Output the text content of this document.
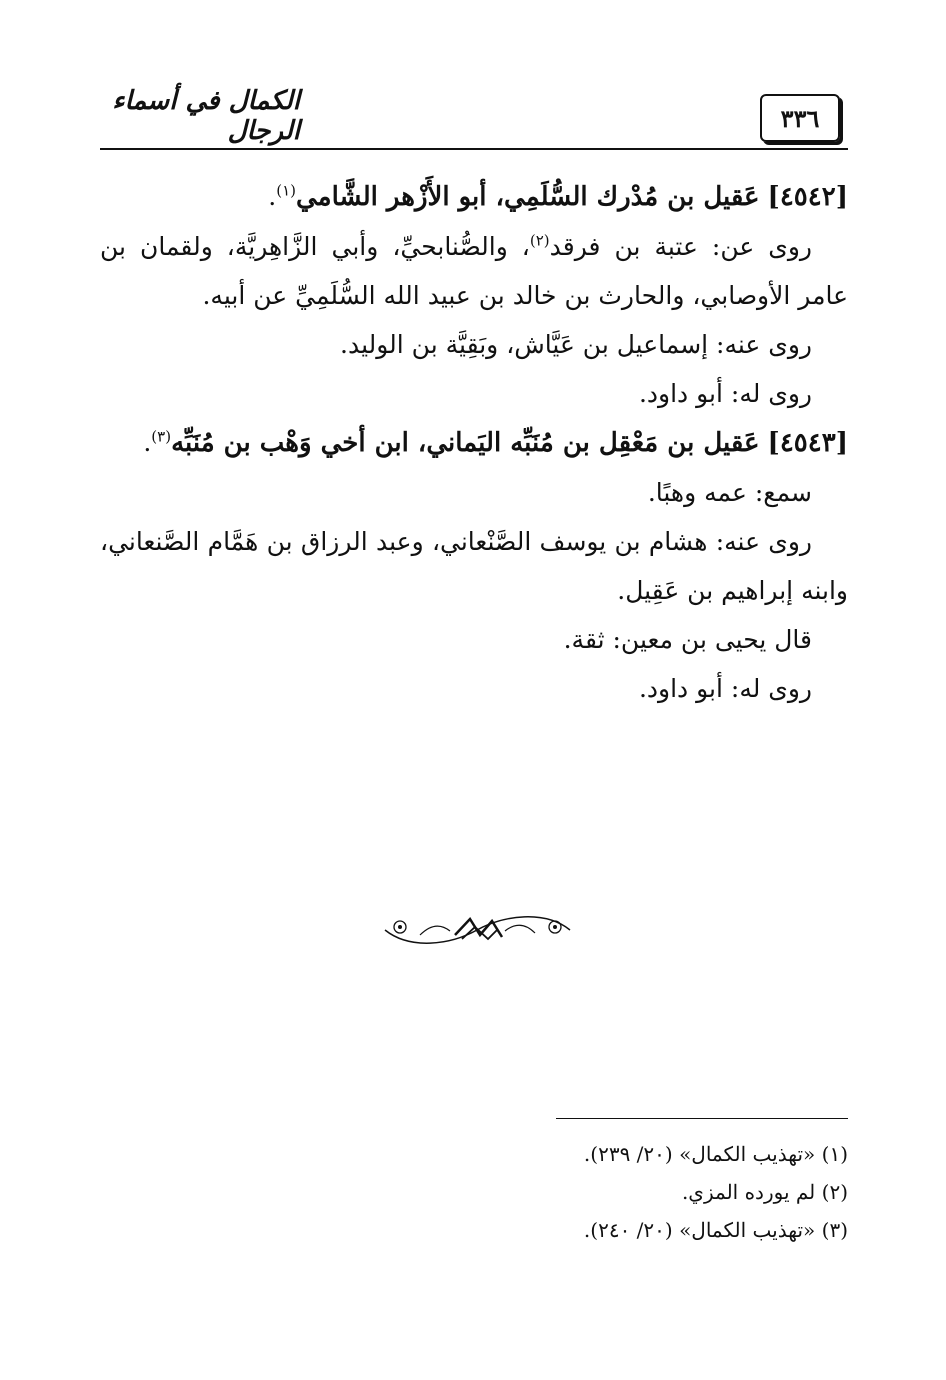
٣٣٦
الكمال في أسماء الرجال

[٤٥٤٢] عَقيل بن مُدْرك السُّلَمِي، أبو الأَزْهر الشَّامي$^{(١)}$.

روى عن: عتبة بن فرقد$^{(٢)}$، والصُّنابحيِّ، وأبي الزَّاهِريَّة، ولقمان بن عامر الأوصابي، والحارث بن خالد بن عبيد الله السُّلَمِيِّ عن أبيه.

روى عنه: إسماعيل بن عَيَّاش، وبَقِيَّة بن الوليد.

روى له: أبو داود.

[٤٥٤٣] عَقيل بن مَعْقِل بن مُنَبِّه اليَماني، ابن أخي وَهْب بن مُنَبِّه$^{(٣)}$.

سمع: عمه وهبًا.

روى عنه: هشام بن يوسف الصَّنْعاني، وعبد الرزاق بن هَمَّام الصَّنعاني، وابنه إبراهيم بن عَقِيل.

قال يحيى بن معين: ثقة.

روى له: أبو داود.

(١) «تهذيب الكمال» (٢٠/ ٢٣٩).

(٢) لم يورده المزي.

(٣) «تهذيب الكمال» (٢٠/ ٢٤٠).
